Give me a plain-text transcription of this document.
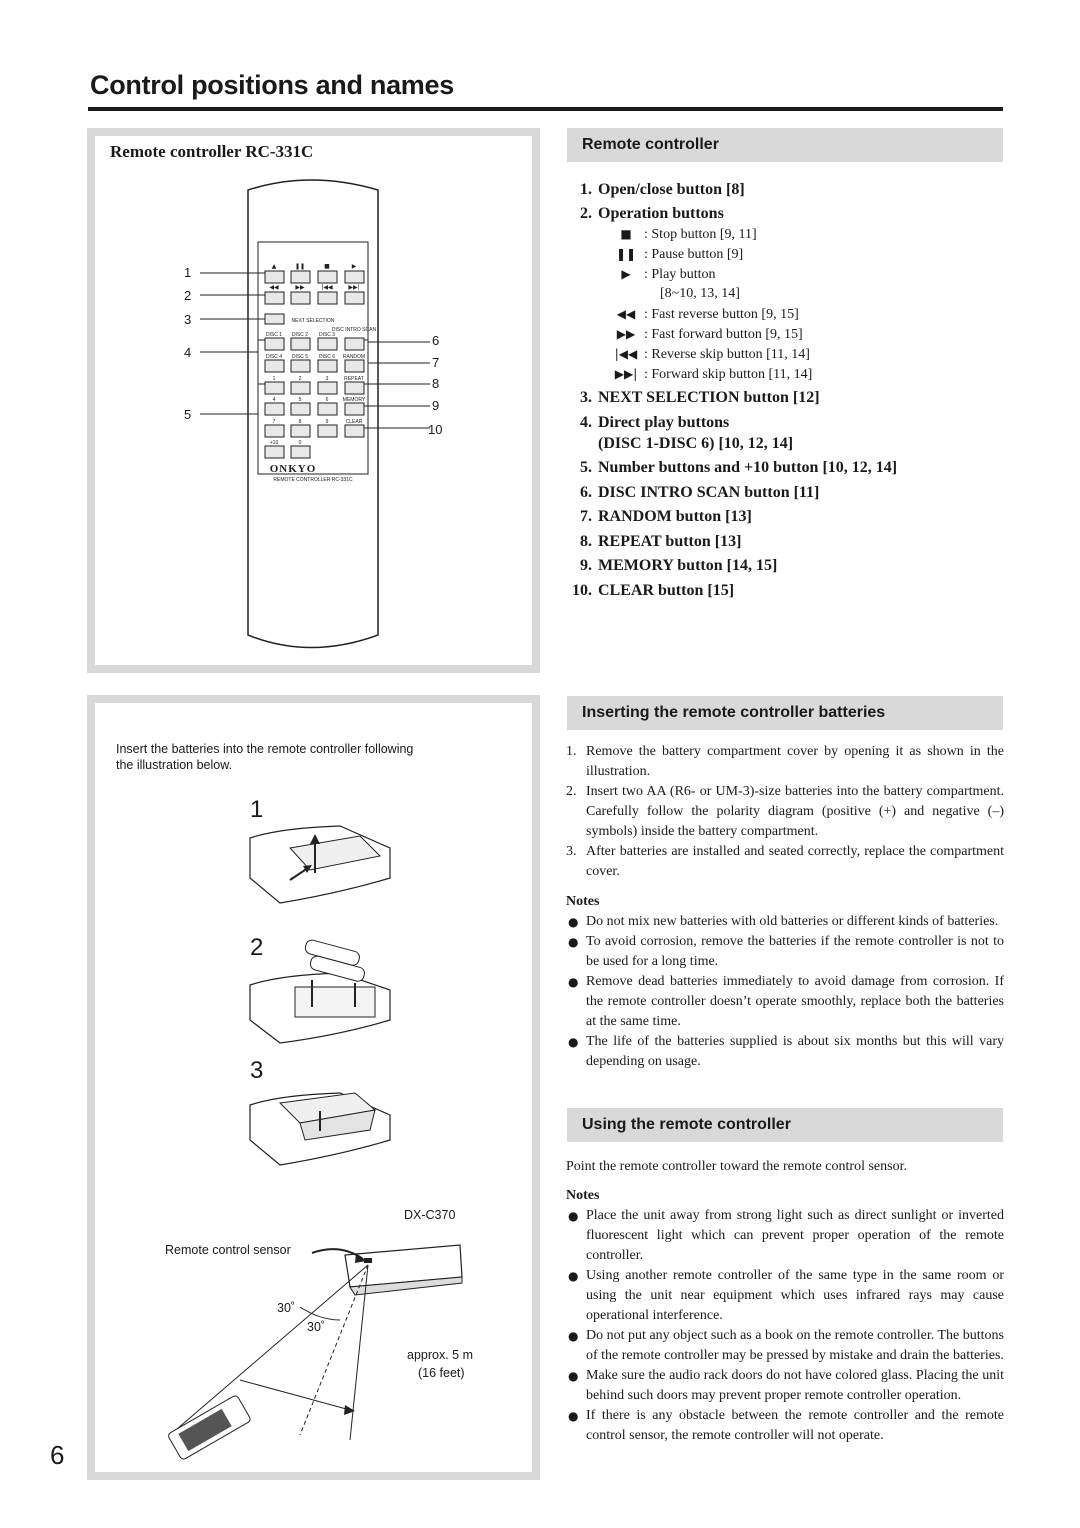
Control positions and names
Remote controller RC-331C
▲	❚❚	■	▶
◀◀	▶▶	|◀◀	▶▶|
NEXT SELECTION
DISC 1 DISC 2 DISC 3
DISC INTRO SCAN
DISC 4 DISC 5 DISC 6 RANDOM
1	2	3	REPEAT
4	5	6	MEMORY
7	8	9	CLEAR
+10	0
ONKYO
REMOTE CONTROLLER RC-331C
1
2
3
4
5
6
7
8
9
10
Remote controller
1. Open/close button [8]
2. Operation buttons
■ : Stop button [9, 11]
❚❚ : Pause button [9]
▶ : Play button
[8~10, 13, 14]
◀◀ : Fast reverse button [9, 15]
▶▶ : Fast forward button [9, 15]
|◀◀ : Reverse skip button [11, 14]
▶▶| : Forward skip button [11, 14]
3. NEXT SELECTION button [12]
4. Direct play buttons
(DISC 1-DISC 6) [10, 12, 14]
5. Number buttons and +10 button [10, 12, 14]
6. DISC INTRO SCAN button [11]
7. RANDOM button [13]
8. REPEAT button [13]
9. MEMORY button [14, 15]
10. CLEAR button [15]
Insert the batteries into the remote controller following the illustration below.
1
2
3
DX-C370
Remote control sensor
30˚
30˚
approx. 5 m
(16 feet)
Inserting the remote controller batteries
1. Remove the battery compartment cover by opening it as shown in the illustration.
2. Insert two AA (R6- or UM-3)-size batteries into the battery compartment. Carefully follow the polarity diagram (positive (+) and negative (–) symbols) inside the battery compartment.
3. After batteries are installed and seated correctly, replace the compartment cover.
Notes
● Do not mix new batteries with old batteries or different kinds of batteries.
● To avoid corrosion, remove the batteries if the remote controller is not to be used for a long time.
● Remove dead batteries immediately to avoid damage from corrosion. If the remote controller doesn’t operate smoothly, replace both the batteries at the same time.
● The life of the batteries supplied is about six months but this will vary depending on usage.
Using the remote controller
Point the remote controller toward the remote control sensor.
Notes
● Place the unit away from strong light such as direct sunlight or inverted fluorescent light which can prevent proper operation of the remote controller.
● Using another remote controller of the same type in the same room or using the unit near equipment which uses infrared rays may cause operational interference.
● Do not put any object such as a book on the remote controller. The buttons of the remote controller may be pressed by mistake and drain the batteries.
● Make sure the audio rack doors do not have colored glass. Placing the unit behind such doors may prevent proper remote controller operation.
● If there is any obstacle between the remote controller and the remote control sensor, the remote controller will not operate.
6
